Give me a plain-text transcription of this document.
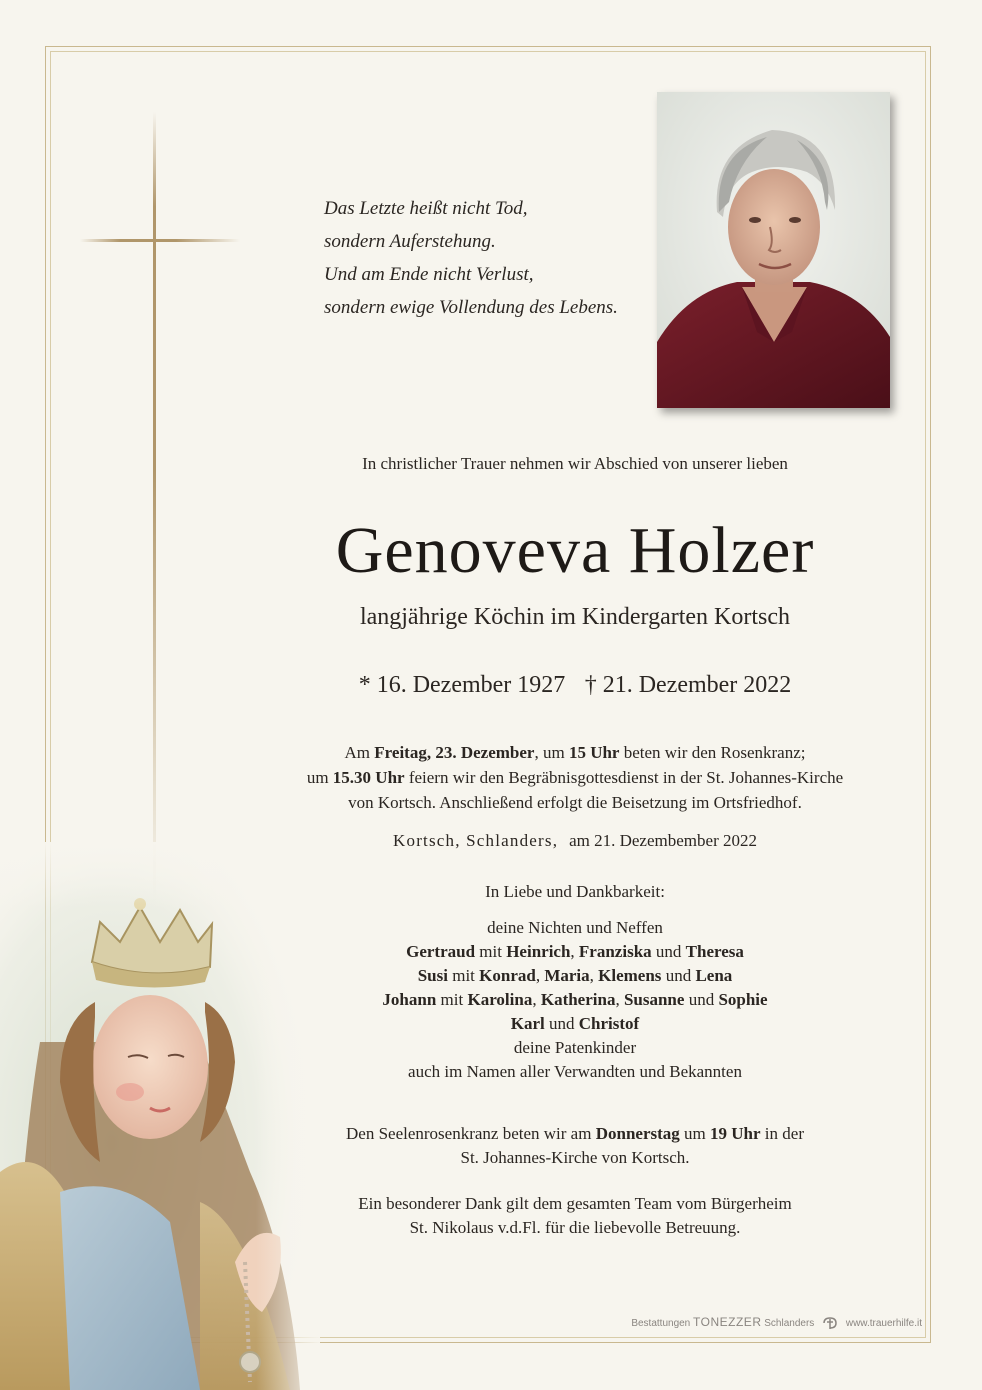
Das Letzte heißt nicht Tod,
sondern Auferstehung.
Und am Ende nicht Verlust,
sondern ewige Vollendung des Lebens.
In christlicher Trauer nehmen wir Abschied von unserer lieben
Genoveva Holzer
langjährige Köchin im Kindergarten Kortsch
* 16. Dezember 1927 † 21. Dezember 2022
Am Freitag, 23. Dezember, um 15 Uhr beten wir den Rosenkranz;
um 15.30 Uhr feiern wir den Begräbnisgottesdienst in der St. Johannes-Kirche
von Kortsch. Anschließend erfolgt die Beisetzung im Ortsfriedhof.
Kortsch, Schlanders, am 21. Dezembember 2022
In Liebe und Dankbarkeit:
deine Nichten und Neffen
Gertraud mit Heinrich, Franziska und Theresa
Susi mit Konrad, Maria, Klemens und Lena
Johann mit Karolina, Katherina, Susanne und Sophie
Karl und Christof
deine Patenkinder
auch im Namen aller Verwandten und Bekannten
Den Seelenrosenkranz beten wir am Donnerstag um 19 Uhr in der
St. Johannes-Kirche von Kortsch.
Ein besonderer Dank gilt dem gesamten Team vom Bürgerheim
St. Nikolaus v.d.Fl. für die liebevolle Betreuung.
Bestattungen TONEZZER Schlanders	www.trauerhilfe.it
